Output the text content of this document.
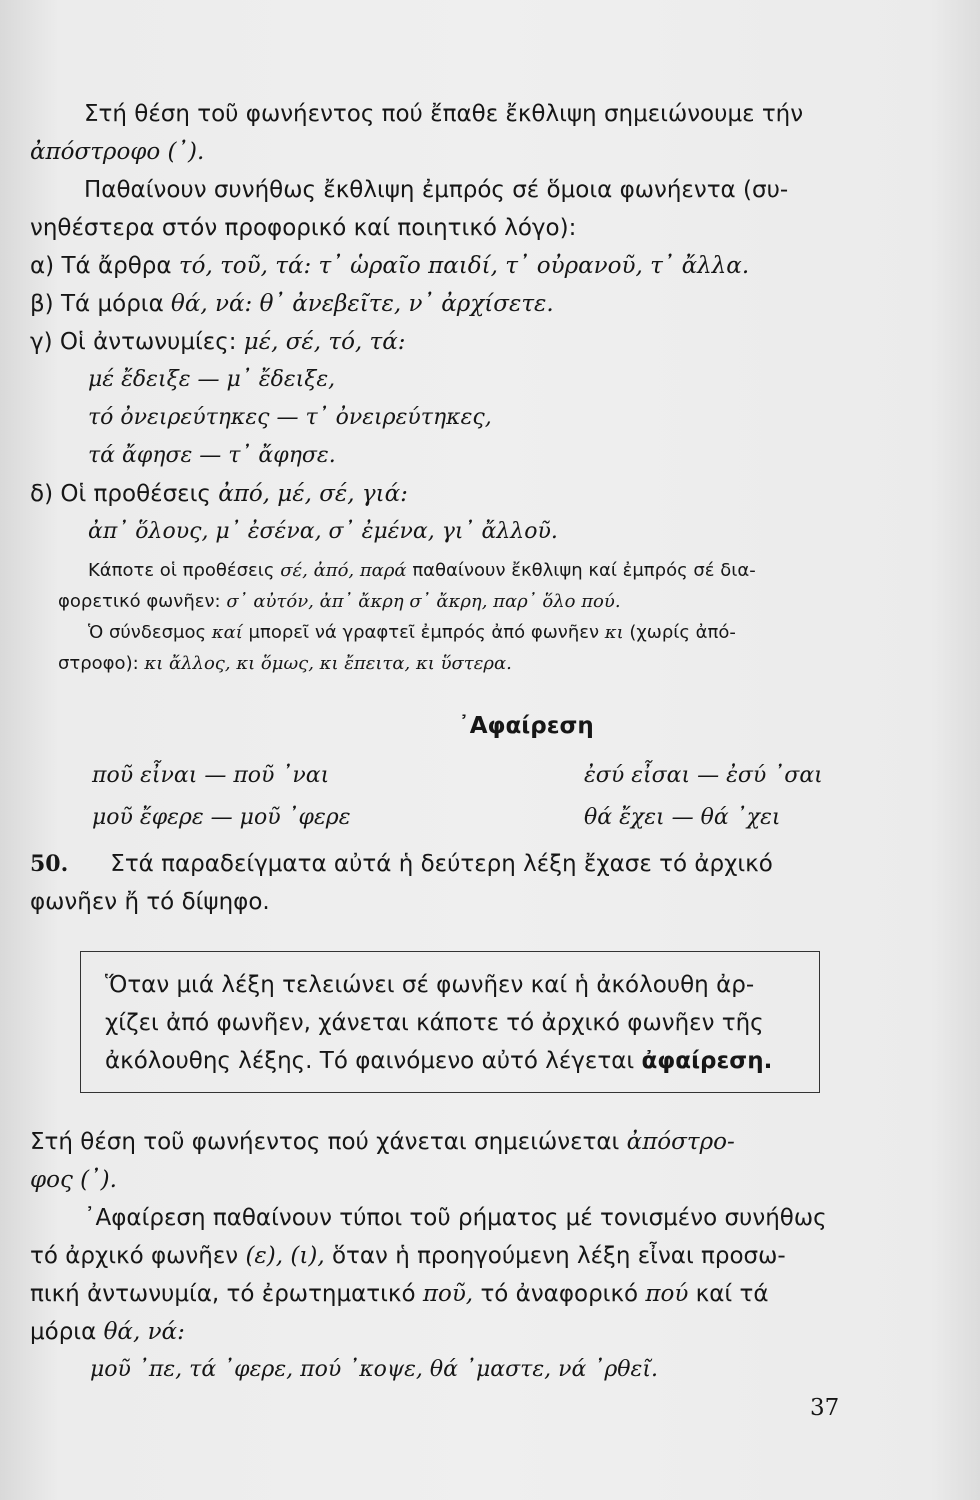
Στή θέση τοῦ φωνήεντος πού ἔπαθε ἔκθλιψη σημειώνουμε τήν

ἀπόστροφο (᾿).

Παθαίνουν συνήθως ἔκθλιψη ἐμπρός σέ ὅμοια φωνήεντα (συ-

νηθέστερα στόν προφορικό καί ποιητικό λόγο):

α) Τά ἄρθρα τό, τοῦ, τά: τ᾿ ὡραῖο παιδί, τ᾿ οὐρανοῦ, τ᾿ ἄλλα.

β) Τά μόρια θά, νά: θ᾿ ἀνεβεῖτε, ν᾿ ἀρχίσετε.

γ) Οἱ ἀντωνυμίες: μέ, σέ, τό, τά:

μέ ἔδειξε — μ᾿ ἔδειξε,

τό ὀνειρεύτηκες — τ᾿ ὀνειρεύτηκες,

τά ἄφησε — τ᾿ ἄφησε.

δ) Οἱ προθέσεις ἀπό, μέ, σέ, γιά:

ἀπ᾿ ὅλους, μ᾿ ἐσένα, σ᾿ ἐμένα, γι᾿ ἄλλοῦ.

Κάποτε οἱ προθέσεις σέ, ἀπό, παρά παθαίνουν ἔκθλιψη καί ἐμπρός σέ δια-

φορετικό φωνῆεν: σ᾿ αὐτόν, ἀπ᾿ ἄκρη σ᾿ ἄκρη, παρ᾿ ὅλο πού.

Ὁ σύνδεσμος καί μπορεῖ νά γραφτεῖ ἐμπρός ἀπό φωνῆεν κι (χωρίς ἀπό-

στροφο): κι ἄλλος, κι ὅμως, κι ἔπειτα, κι ὕστερα.

᾿Αφαίρεση
ποῦ εἶναι — ποῦ ᾿ναι	ἐσύ εἶσαι — ἐσύ ᾿σαι
μοῦ ἔφερε — μοῦ ᾿φερε	θά ἔχει — θά ᾿χει

50. Στά παραδείγματα αὐτά ἡ δεύτερη λέξη ἔχασε τό ἀρχικό

φωνῆεν ἤ τό δίψηφο.

Ὅταν μιά λέξη τελειώνει σέ φωνῆεν καί ἡ ἀκόλουθη ἀρ-
χίζει ἀπό φωνῆεν, χάνεται κάποτε τό ἀρχικό φωνῆεν τῆς
ἀκόλουθης λέξης. Τό φαινόμενο αὐτό λέγεται ἀφαίρεση.

Στή θέση τοῦ φωνήεντος πού χάνεται σημειώνεται ἀπόστρο-

φος (᾿).

᾿Αφαίρεση παθαίνουν τύποι τοῦ ρήματος μέ τονισμένο συνήθως

τό ἀρχικό φωνῆεν (ε), (ι), ὅταν ἡ προηγούμενη λέξη εἶναι προσω-

πική ἀντωνυμία, τό ἐρωτηματικό ποῦ, τό ἀναφορικό πού καί τά

μόρια θά, νά:

μοῦ ᾿πε, τά ᾿φερε, πού ᾿κοψε, θά ᾿μαστε, νά ᾿ρθεῖ.

37
